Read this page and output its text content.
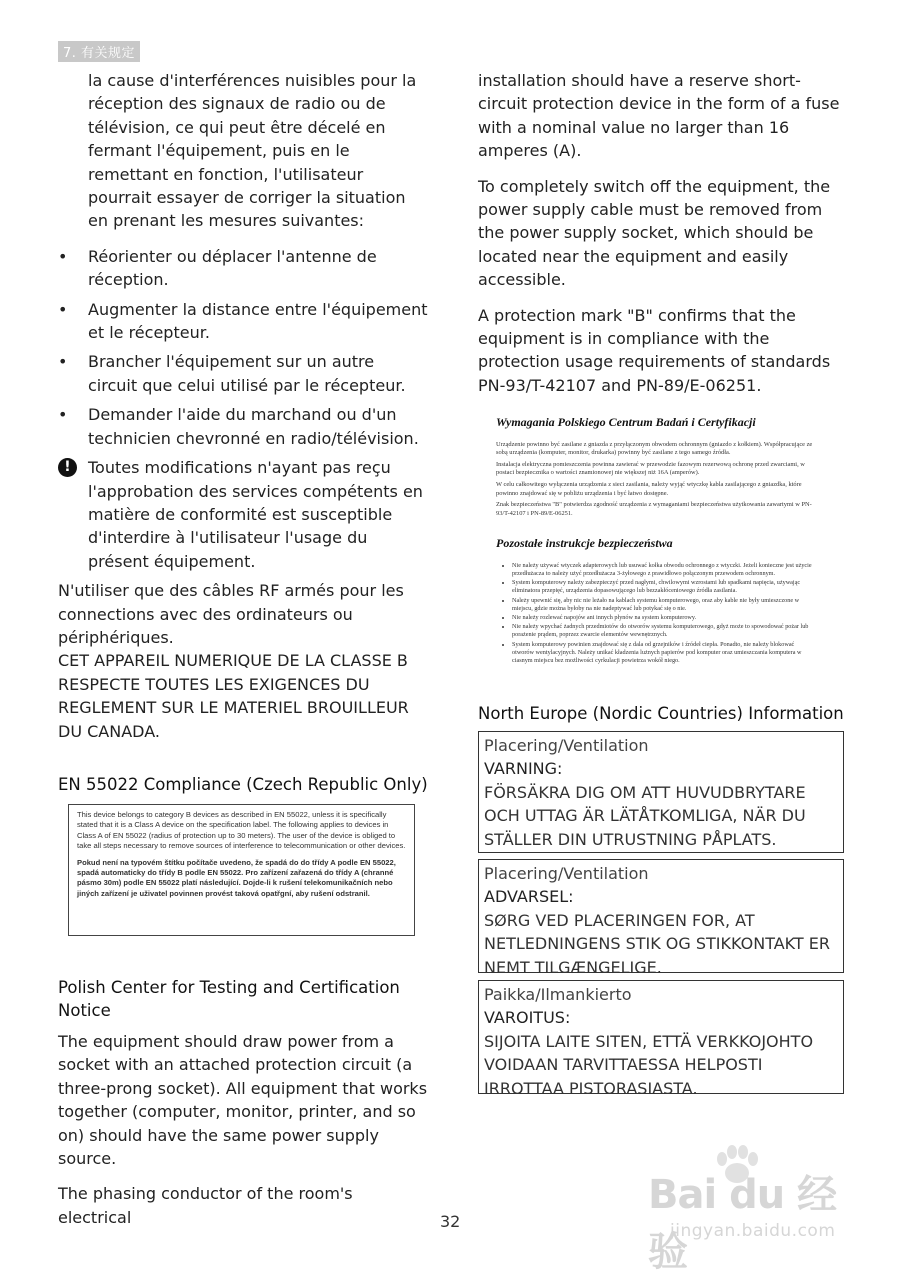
7. 有关规定

la cause d'interférences nuisibles pour la réception des signaux de radio ou de télévision, ce qui peut être décelé en fermant l'équipement, puis en le remettant en fonction, l'utilisateur pourrait essayer de corriger la situation en prenant les mesures suivantes:

• Réorienter ou déplacer l'antenne de réception.
• Augmenter la distance entre l'équipement et le récepteur.
• Brancher l'équipement sur un autre circuit que celui utilisé par le récepteur.
• Demander l'aide du marchand ou d'un technicien chevronné en radio/télévision.
!	Toutes modifications n'ayant pas reçu l'approbation des services compétents en matière de conformité est susceptible d'interdire à l'utilisateur l'usage du présent équipement.

N'utiliser que des câbles RF armés pour les connections avec des ordinateurs ou périphériques.

CET APPAREIL NUMERIQUE DE LA CLASSE B RESPECTE TOUTES LES EXIGENCES DU REGLEMENT SUR LE MATERIEL BROUILLEUR DU CANADA.

EN 55022 Compliance (Czech Republic Only)

This device belongs to category B devices as described in EN 55022, unless it is specifically stated that it is a Class A device on the specification label. The following applies to devices in Class A of EN 55022 (radius of protection up to 30 meters). The user of the device is obliged to take all steps necessary to remove sources of interference to telecommunication or other devices.

Pokud není na typovém štítku počítače uvedeno, že spadá do do třídy A podle EN 55022, spadá automaticky do třídy B podle EN 55022. Pro zařízení zařazená do třídy A (chranné pásmo 30m) podle EN 55022 platí následující. Dojde-li k rušení telekomunikačních nebo jiných zařízení je uživatel povinnen provést taková opatřgní, aby rušení odstranil.

Polish Center for Testing and Certification Notice

The equipment should draw power from a socket with an attached protection circuit (a three-prong socket). All equipment that works together (computer, monitor, printer, and so on) should have the same power supply source.

The phasing conductor of the room's electrical

installation should have a reserve short-circuit protection device in the form of a fuse with a nominal value no larger than 16 amperes (A).

To completely switch off the equipment, the power supply cable must be removed from the power supply socket, which should be located near the equipment and easily accessible.

A protection mark "B" confirms that the equipment is in compliance with the protection usage requirements of standards PN-93/T-42107 and PN-89/E-06251.

Wymagania Polskiego Centrum Badań i Certyfikacji

Urządzenie powinno być zasilane z gniazda z przyłączonym obwodem ochronnym (gniazdo z kołkiem). Współpracujące ze sobą urządzenia (komputer, monitor, drukarka) powinny być zasilane z tego samego źródła.

Instalacja elektryczna pomieszczenia powinna zawierać w przewodzie fazowym rezerwową ochronę przed zwarciami, w postaci bezpiecznika o wartości znamionowej nie większej niż 16A (amperów).

W celu całkowitego wyłączenia urządzenia z sieci zasilania, należy wyjąć wtyczkę kabla zasilającego z gniazdka, które powinno znajdować się w pobliżu urządzenia i być łatwo dostępne.

Znak bezpieczeństwa "B" potwierdza zgodność urządzenia z wymaganiami bezpieczeństwa użytkowania zawartymi w PN-93/T-42107 i PN-89/E-06251.

Pozostałe instrukcje bezpieczeństwa
• Nie należy używać wtyczek adapterowych lub usuwać kołka obwodu ochronnego z wtyczki. Jeżeli konieczne jest użycie przedłużacza to należy użyć przedłużacza 3-żyłowego z prawidłowo połączonym przewodem ochronnym.
• System komputerowy należy zabezpieczyć przed nagłymi, chwilowymi wzrostami lub spadkami napięcia, używając eliminatora przepięć, urządzenia dopasowującego lub bezzakłóceniowego źródła zasilania.
• Należy upewnić się, aby nic nie leżało na kablach systemu komputerowego, oraz aby kable nie były umieszczone w miejscu, gdzie można byłoby na nie nadeptywać lub potykać się o nie.
• Nie należy rozlewać napojów ani innych płynów na system komputerowy.
• Nie należy wpychać żadnych przedmiotów do otworów systemu komputerowego, gdyż może to spowodować pożar lub porażenie prądem, poprzez zwarcie elementów wewnętrznych.
• System komputerowy powinien znajdować się z dala od grzejników i źródeł ciepła. Ponadto, nie należy blokować otworów wentylacyjnych. Należy unikać kładzenia lużnych papierów pod komputer oraz umieszczania komputera w ciasnym miejscu bez możliwości cyrkulacji powietrza wokół niego.
North Europe (Nordic Countries) Information
Placering/Ventilation
VARNING:
FÖRSÄKRA DIG OM ATT HUVUDBRYTARE OCH UTTAG ÄR LÄTÅTKOMLIGA, NÄR DU STÄLLER DIN UTRUSTNING PÅPLATS.
Placering/Ventilation
ADVARSEL:
SØRG VED PLACERINGEN FOR, AT NETLEDNINGENS STIK OG STIKKONTAKT ER NEMT TILGÆNGELIGE.
Paikka/Ilmankierto
VAROITUS:
SIJOITA LAITE SITEN, ETTÄ VERKKOJOHTO VOIDAAN TARVITTAESSA HELPOSTI IRROTTAA PISTORASIASTA.
32
Bai du 经验
jingyan.baidu.com
